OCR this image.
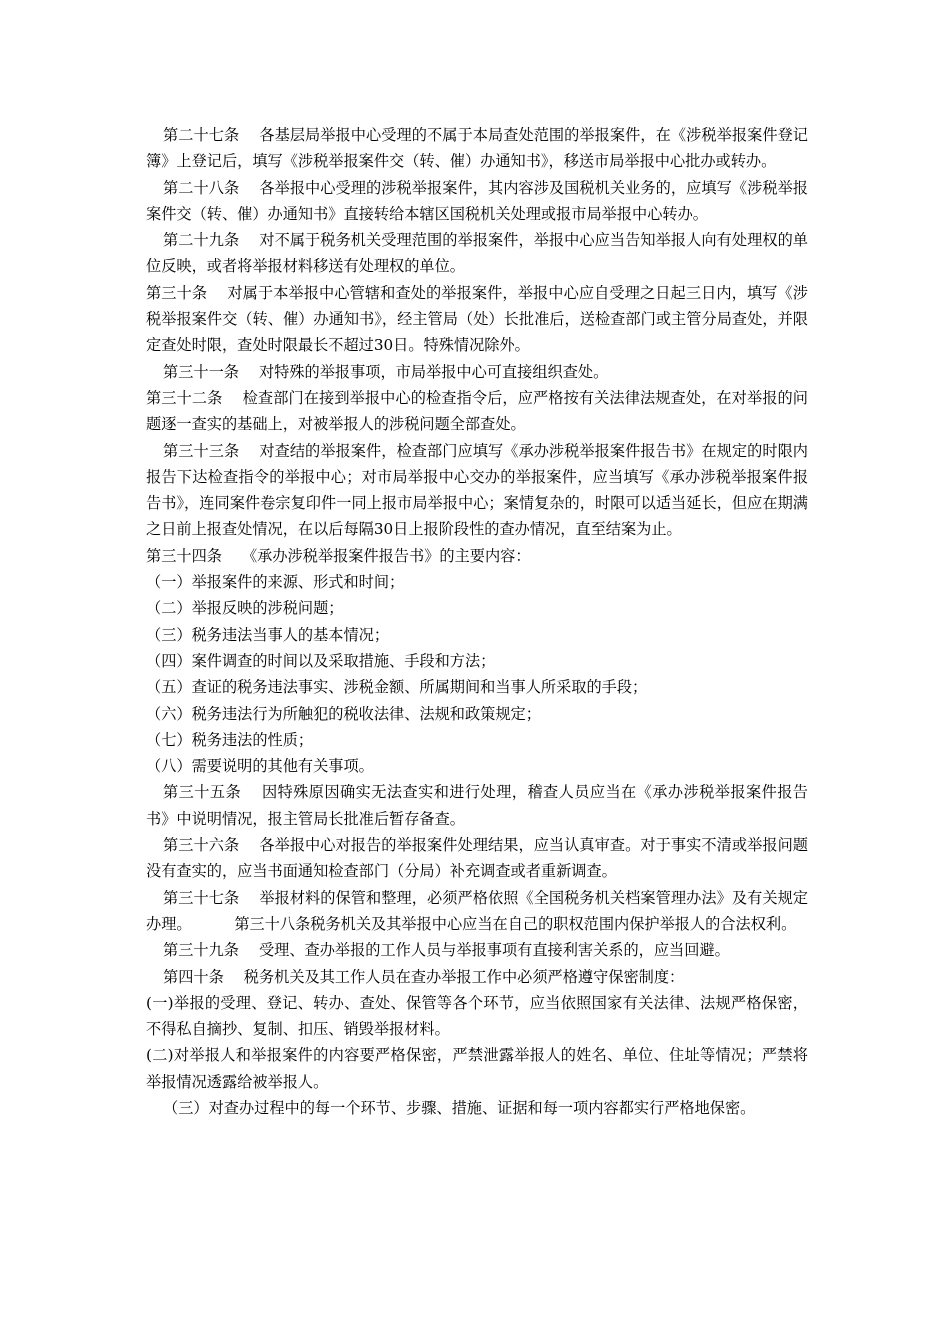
第二十七条　 各基层局举报中心受理的不属于本局查处范围的举报案件，在《涉税举报案件登记簿》上登记后，填写《涉税举报案件交（转、催）办通知书》，移送市局举报中心批办或转办。

第二十八条　 各举报中心受理的涉税举报案件，其内容涉及国税机关业务的，应填写《涉税举报案件交（转、催）办通知书》直接转给本辖区国税机关处理或报市局举报中心转办。

第二十九条　 对不属于税务机关受理范围的举报案件，举报中心应当告知举报人向有处理权的单位反映，或者将举报材料移送有处理权的单位。

第三十条　 对属于本举报中心管辖和查处的举报案件，举报中心应自受理之日起三日内，填写《涉税举报案件交（转、催）办通知书》，经主管局（处）长批准后，送检查部门或主管分局查处，并限定查处时限，查处时限最长不超过30日。特殊情况除外。

第三十一条　 对特殊的举报事项，市局举报中心可直接组织查处。

第三十二条　 检查部门在接到举报中心的检查指令后，应严格按有关法律法规查处，在对举报的问题逐一查实的基础上，对被举报人的涉税问题全部查处。

第三十三条　 对查结的举报案件，检查部门应填写《承办涉税举报案件报告书》在规定的时限内报告下达检查指令的举报中心；对市局举报中心交办的举报案件，应当填写《承办涉税举报案件报告书》，连同案件卷宗复印件一同上报市局举报中心；案情复杂的，时限可以适当延长，但应在期满之日前上报查处情况，在以后每隔30日上报阶段性的查办情况，直至结案为止。

第三十四条　 《承办涉税举报案件报告书》的主要内容：

（一）举报案件的来源、形式和时间；

（二）举报反映的涉税问题；

（三）税务违法当事人的基本情况；

（四）案件调查的时间以及采取措施、手段和方法；

（五）查证的税务违法事实、涉税金额、所属期间和当事人所采取的手段；

（六）税务违法行为所触犯的税收法律、法规和政策规定；

（七）税务违法的性质；

（八）需要说明的其他有关事项。

第三十五条　 因特殊原因确实无法查实和进行处理，稽查人员应当在《承办涉税举报案件报告书》中说明情况，报主管局长批准后暂存备查。

第三十六条　 各举报中心对报告的举报案件处理结果，应当认真审查。对于事实不清或举报问题没有查实的，应当书面通知检查部门（分局）补充调查或者重新调查。

第三十七条　 举报材料的保管和整理，必须严格依照《全国税务机关档案管理办法》及有关规定办理。　　　 第三十八条税务机关及其举报中心应当在自己的职权范围内保护举报人的合法权利。

第三十九条　 受理、查办举报的工作人员与举报事项有直接利害关系的，应当回避。

第四十条　 税务机关及其工作人员在查办举报工作中必须严格遵守保密制度：

(一)举报的受理、登记、转办、查处、保管等各个环节，应当依照国家有关法律、法规严格保密，不得私自摘抄、复制、扣压、销毁举报材料。

(二)对举报人和举报案件的内容要严格保密，严禁泄露举报人的姓名、单位、住址等情况；严禁将举报情况透露给被举报人。

（三）对查办过程中的每一个环节、步骤、措施、证据和每一项内容都实行严格地保密。
